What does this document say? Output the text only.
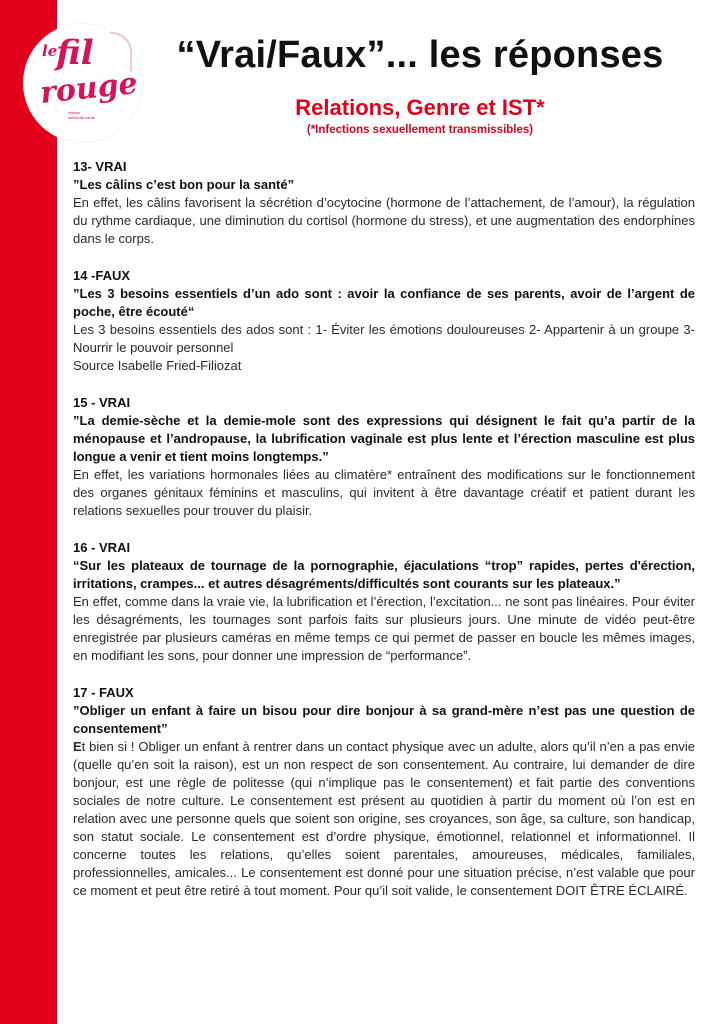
le
fil
rouge
réseau solidarité santé
“Vrai/Faux”... les réponses
Relations, Genre et IST*
(*Infections sexuellement transmissibles)
13- VRAI
”Les câlins c’est bon pour la santé”
En effet, les câlins favorisent la sécrétion d’ocytocine (hormone de l’attachement, de l’amour), la régulation du rythme cardiaque, une diminution du cortisol (hormone du stress), et une augmentation des endorphines dans le corps.
14 -FAUX
”Les 3 besoins essentiels d’un ado sont : avoir la confiance de ses parents, avoir de l’argent de poche, être écouté“
Les 3 besoins essentiels des ados sont : 1- Éviter les émotions douloureuses 2- Appartenir à un groupe 3- Nourrir le pouvoir personnel
Source Isabelle Fried-Filiozat
15 - VRAI
”La demie-sèche et la demie-mole sont des expressions qui désignent le fait qu’a partir de la ménopause et l’andropause, la lubrification vaginale est plus lente et l’érection masculine est plus longue a venir et tient moins longtemps.”
En effet, les variations hormonales liées au climatère* entraînent des modifications sur le fonctionnement des organes génitaux féminins et masculins, qui invitent à être davantage créatif et patient durant les relations sexuelles pour trouver du plaisir.
16 - VRAI
“Sur les plateaux de tournage de la pornographie, éjaculations “trop” rapides, pertes d'érection, irritations, crampes... et autres désagréments/difficultés sont courants sur les plateaux.”
En effet, comme dans la vraie vie, la lubrification et l’érection, l’excitation... ne sont pas linéaires. Pour éviter les désagréments, les tournages sont parfois faits sur plusieurs jours. Une minute de vidéo peut-être enregistrée par plusieurs caméras en même temps ce qui permet de passer en boucle les mêmes images, en modifiant les sons, pour donner une impression de “performance”.
17 - FAUX
”Obliger un enfant à faire un bisou pour dire bonjour à sa grand-mère n’est pas une question de consentement”
Et bien si ! Obliger un enfant à rentrer dans un contact physique avec un adulte, alors qu’il n’en a pas envie (quelle qu’en soit la raison), est un non respect de son consentement. Au contraire, lui demander de dire bonjour, est une règle de politesse (qui n’implique pas le consentement) et fait partie des conventions sociales de notre culture. Le consentement est présent au quotidien à partir du moment où l’on est en relation avec une personne quels que soient son origine, ses croyances, son âge, sa culture, son handicap, son statut sociale. Le consentement est d’ordre physique, émotionnel, relationnel et informationnel. Il concerne toutes les relations, qu’elles soient parentales, amoureuses, médicales, familiales, professionnelles, amicales... Le consentement est donné pour une situation précise, n’est valable que pour ce moment et peut être retiré à tout moment. Pour qu’il soit valide, le consentement DOIT ÊTRE ÉCLAIRÉ.
